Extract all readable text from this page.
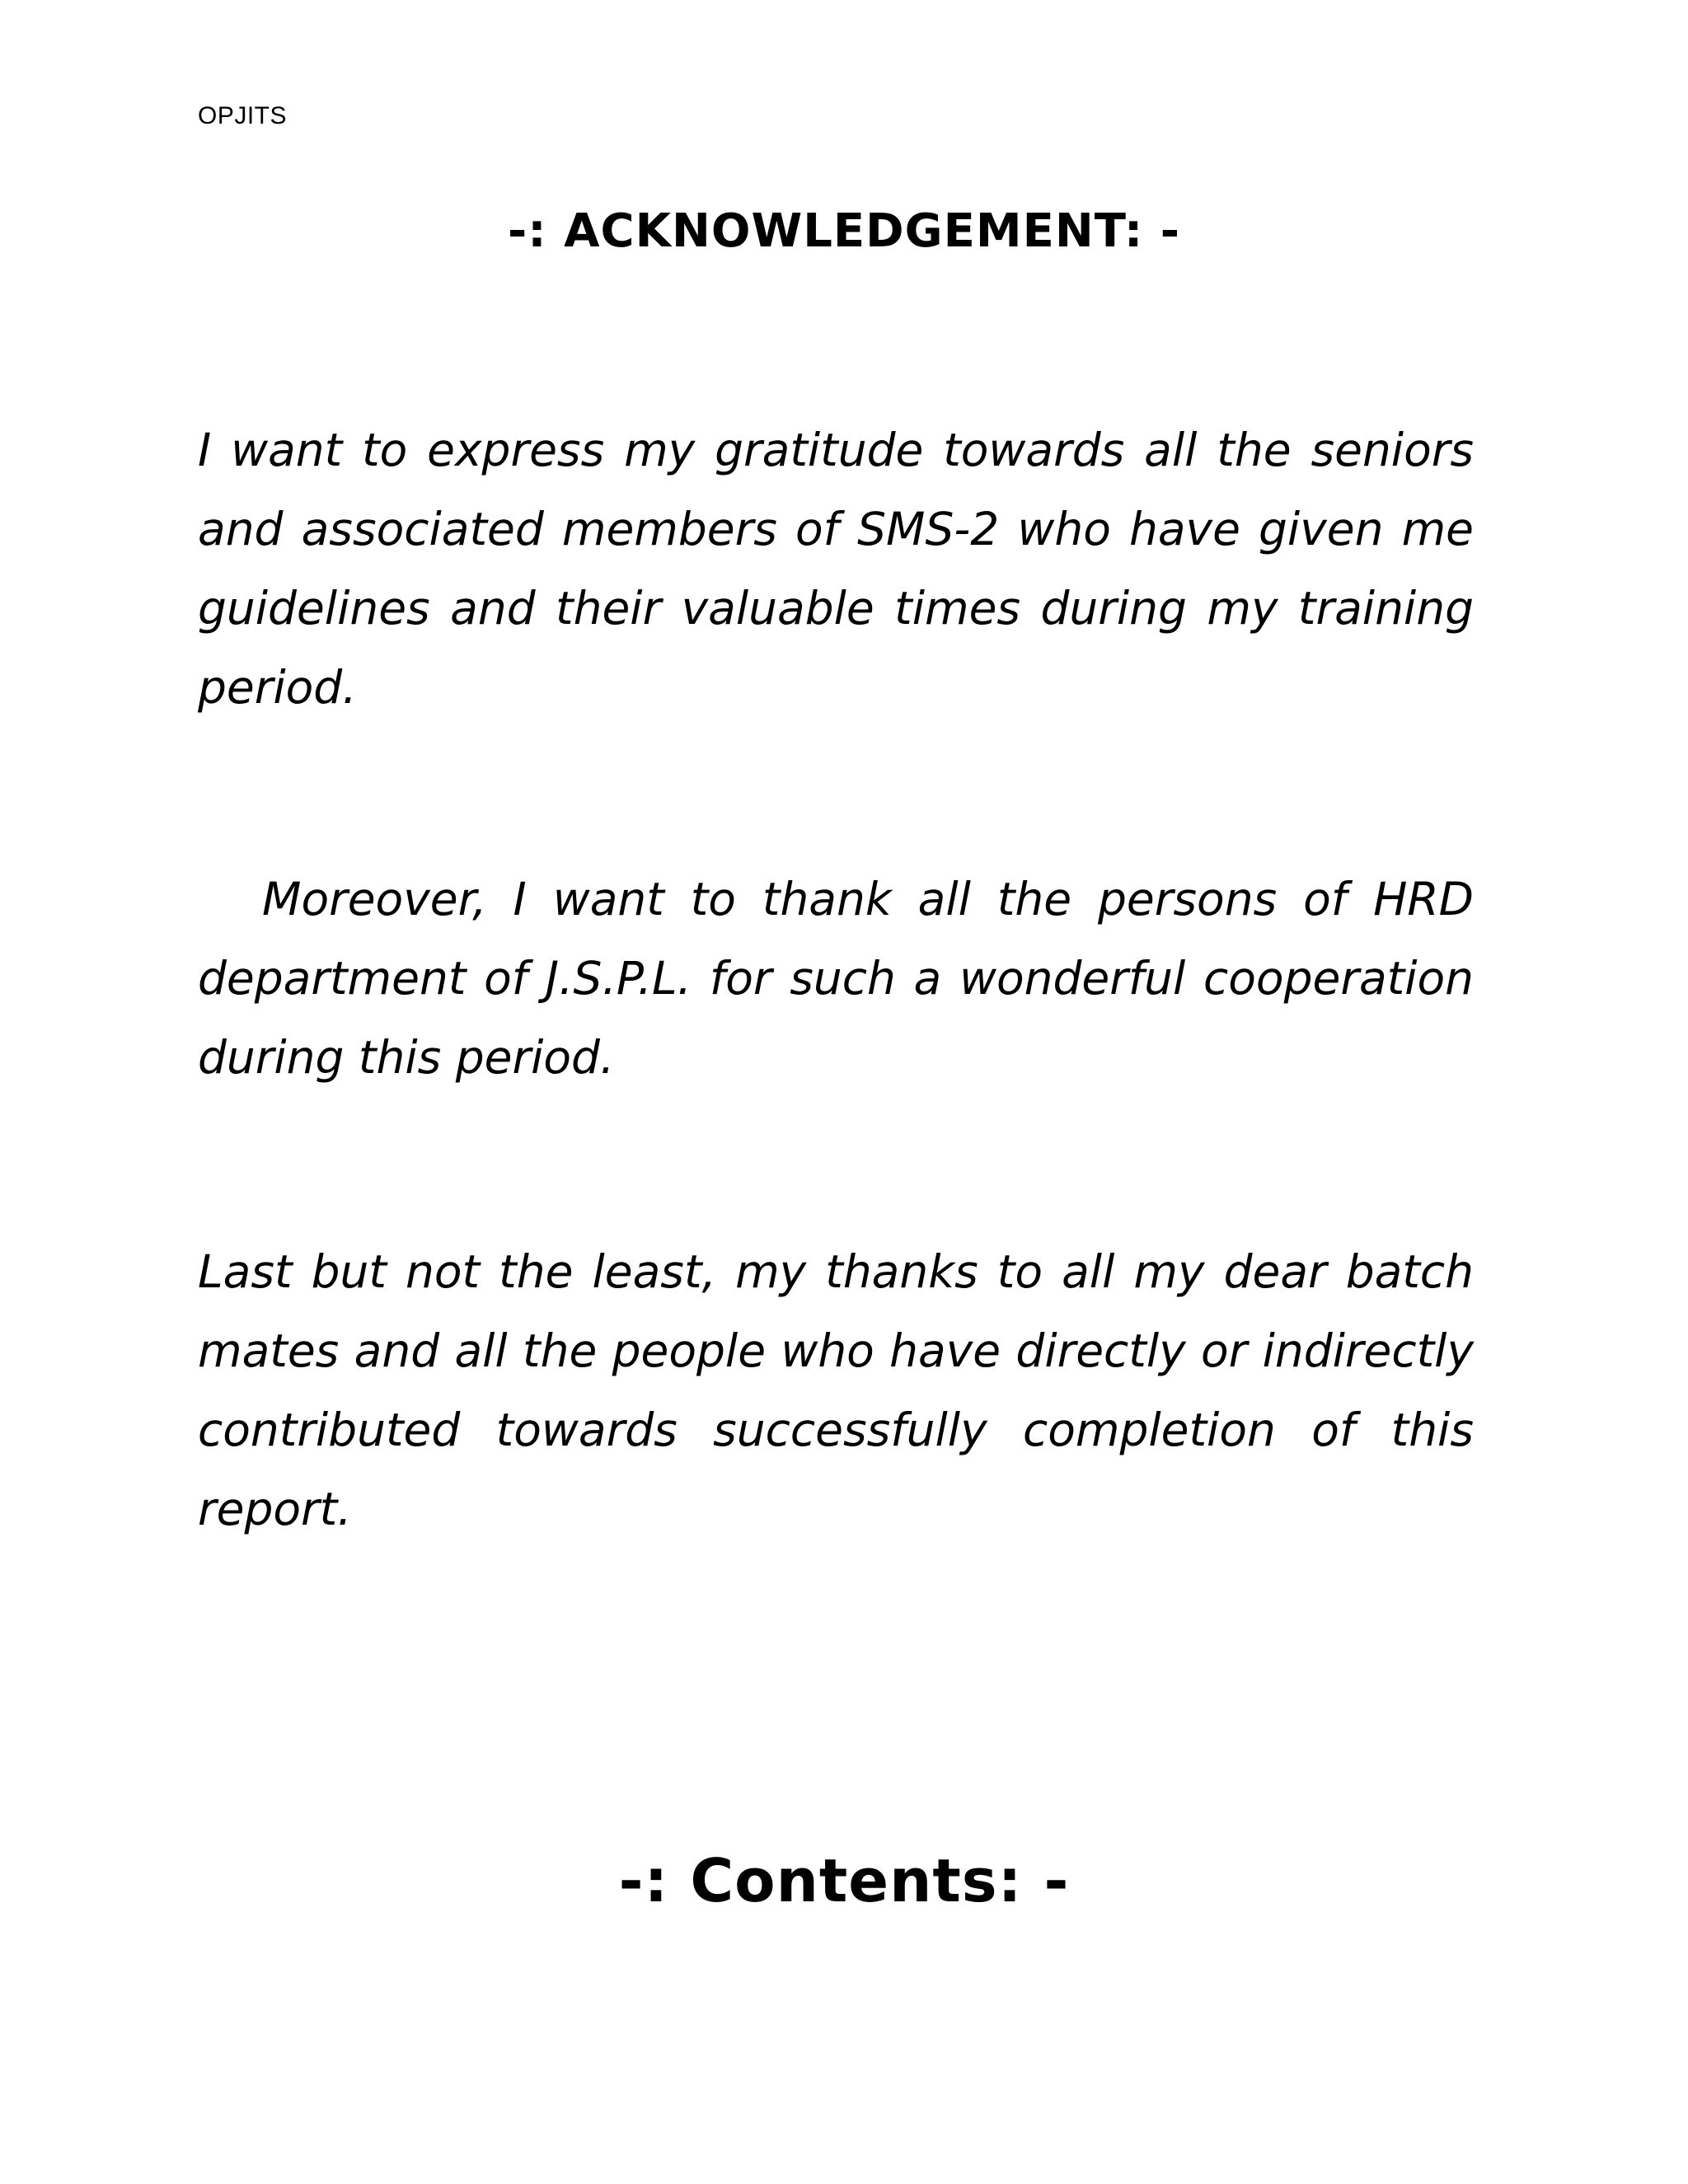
OPJITS
-: ACKNOWLEDGEMENT: -

I want to express my gratitude towards all the seniors and associated members of SMS-2 who have given me guidelines and their valuable times during my training period.

Moreover, I want to thank all the persons of HRD department of J.S.P.L. for such a wonderful cooperation during this period.

Last but not the least, my thanks to all my dear batch mates and all the people who have directly or indirectly contributed towards successfully completion of this report.

-: Contents: -
